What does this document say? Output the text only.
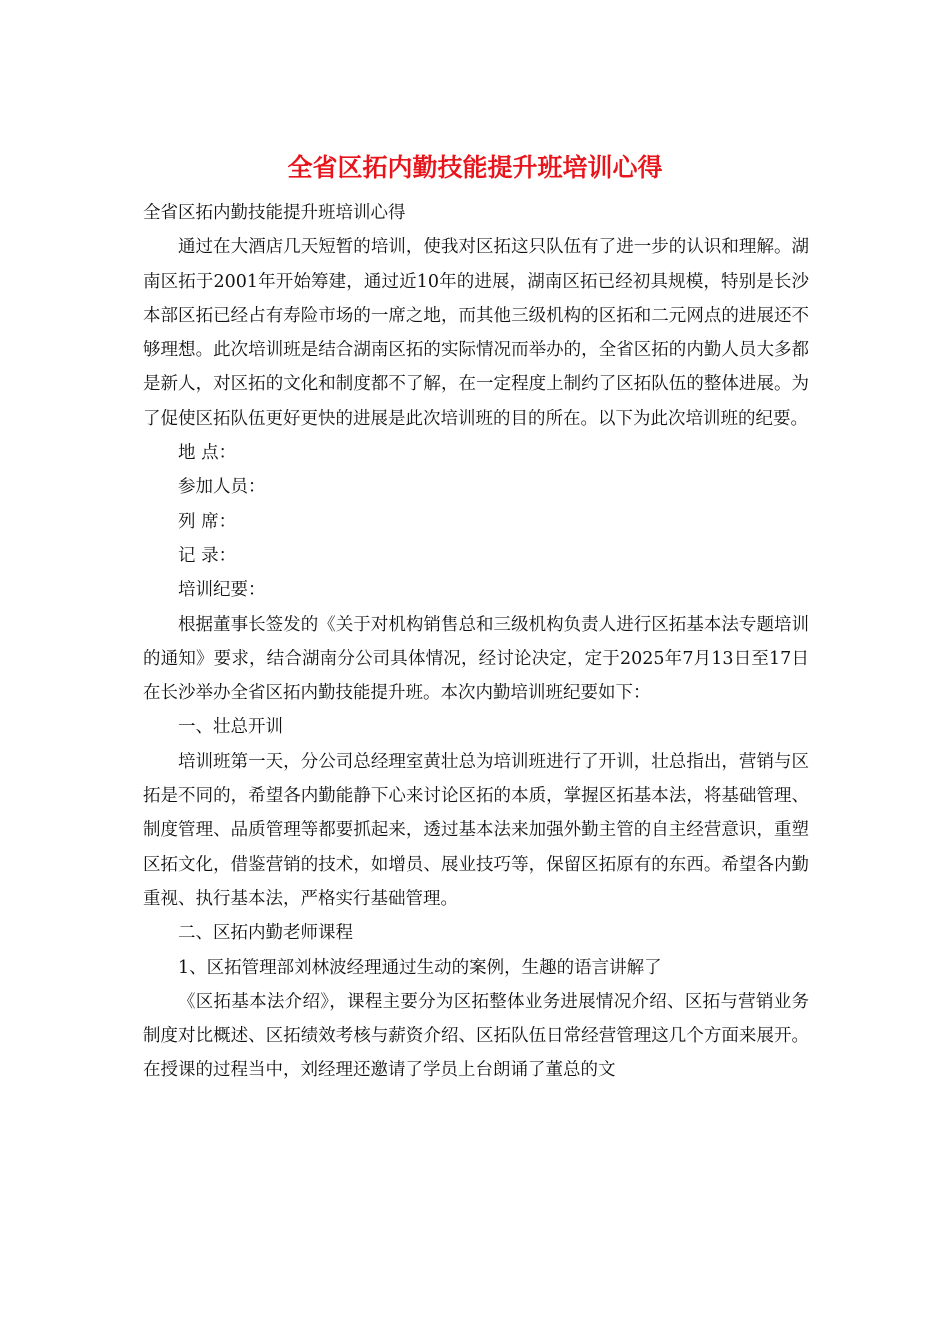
全省区拓内勤技能提升班培训心得

全省区拓内勤技能提升班培训心得

通过在大酒店几天短暂的培训，使我对区拓这只队伍有了进一步的认识和理解。湖南区拓于2001年开始筹建，通过近10年的进展，湖南区拓已经初具规模，特别是长沙本部区拓已经占有寿险市场的一席之地，而其他三级机构的区拓和二元网点的进展还不够理想。此次培训班是结合湖南区拓的实际情况而举办的，全省区拓的内勤人员大多都是新人，对区拓的文化和制度都不了解，在一定程度上制约了区拓队伍的整体进展。为了促使区拓队伍更好更快的进展是此次培训班的目的所在。以下为此次培训班的纪要。

地 点：

参加人员：

列 席：

记 录：

培训纪要：

根据董事长签发的《关于对机构销售总和三级机构负责人进行区拓基本法专题培训的通知》要求，结合湖南分公司具体情况，经讨论决定，定于2025年7月13日至17日在长沙举办全省区拓内勤技能提升班。本次内勤培训班纪要如下：

一、壮总开训

培训班第一天，分公司总经理室黄壮总为培训班进行了开训，壮总指出，营销与区拓是不同的，希望各内勤能静下心来讨论区拓的本质，掌握区拓基本法，将基础管理、制度管理、品质管理等都要抓起来，透过基本法来加强外勤主管的自主经营意识，重塑区拓文化，借鉴营销的技术，如增员、展业技巧等，保留区拓原有的东西。希望各内勤重视、执行基本法，严格实行基础管理。

二、区拓内勤老师课程

1、区拓管理部刘林波经理通过生动的案例，生趣的语言讲解了

《区拓基本法介绍》，课程主要分为区拓整体业务进展情况介绍、区拓与营销业务制度对比概述、区拓绩效考核与薪资介绍、区拓队伍日常经营管理这几个方面来展开。在授课的过程当中，刘经理还邀请了学员上台朗诵了董总的文
